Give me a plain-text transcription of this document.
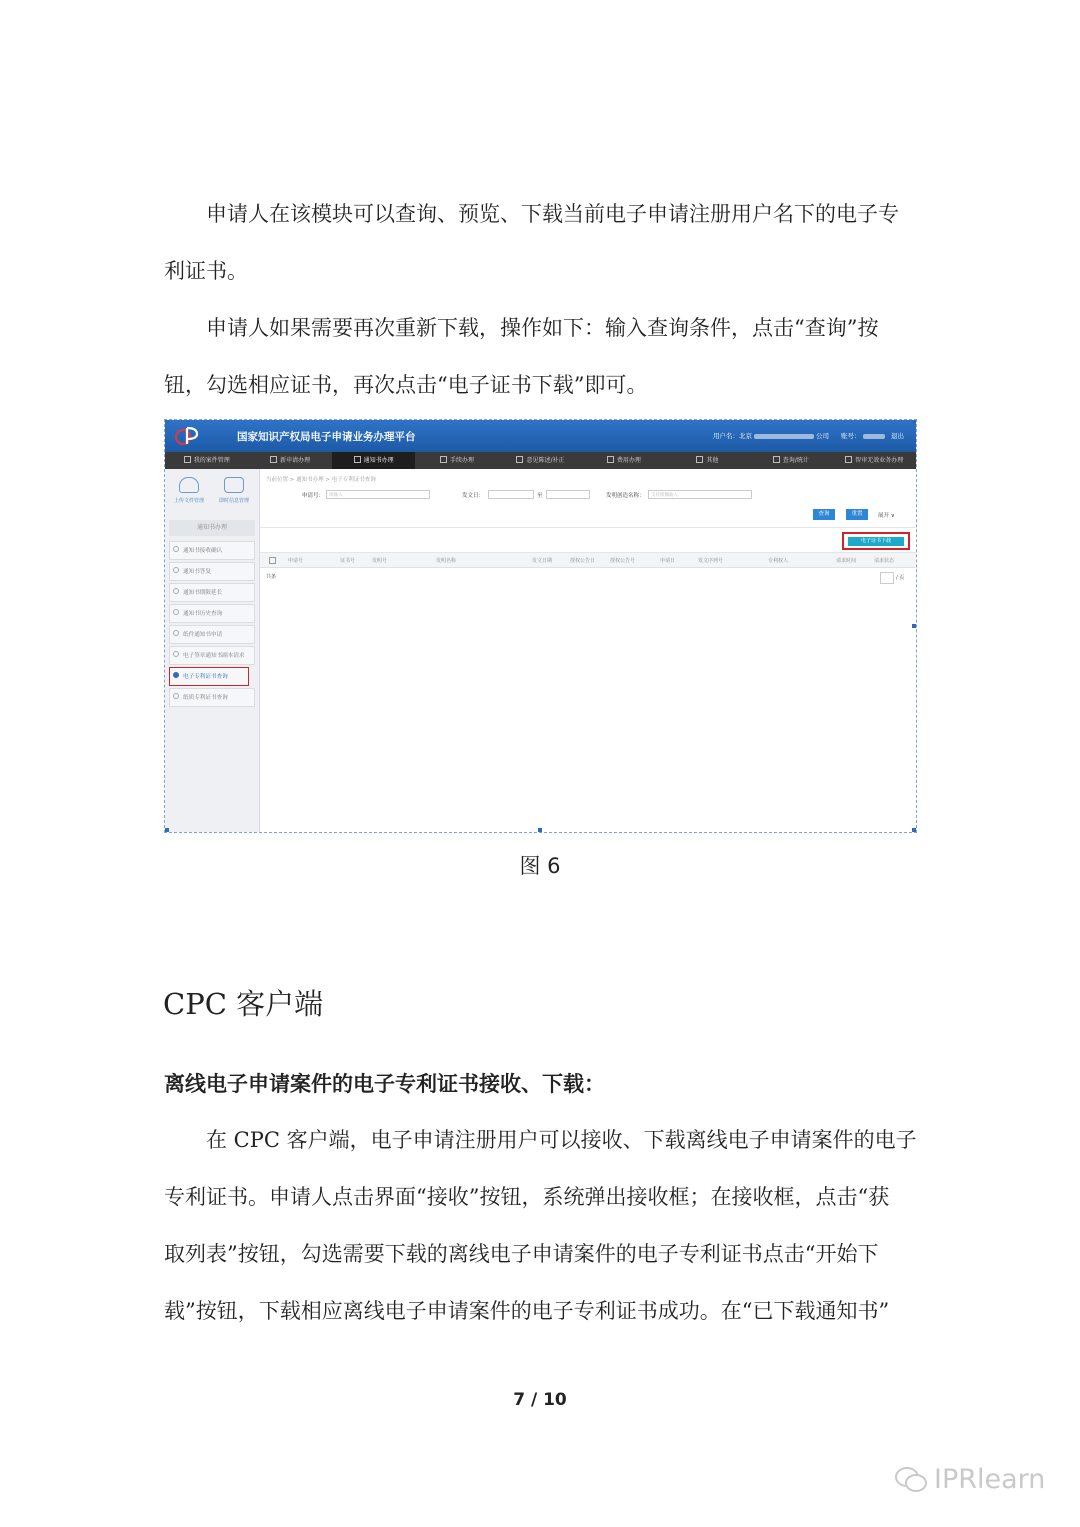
申请人在该模块可以查询、预览、下载当前电子申请注册用户名下的电子专
利证书。
申请人如果需要再次重新下载，操作如下：输入查询条件，点击“查询”按
钮，勾选相应证书，再次点击“电子证书下载”即可。
国家知识产权局电子申请业务办理平台	用户名：北京	公司 账号：	退出
我的案件管理	新申请办理	通知书办理	手续办理	意见陈述/补正	费用办理	其他	查询/统计	智审无效业务办理
上传文件管理	即时信息管理
通知书办理
通知书接收确认
通知书答复
通知书期限延长
通知书历史查询
纸件通知书申请
电子签章通知书副本请求
电子专利证书查询
纸质专利证书查询
当前位置 > 通知书办理 > 电子专利证书查询
申请号：	请输入	发文日：	至	发明创造名称：	支持模糊输入
查询	重置	展开 ∨
电子证书下载
申请号	证书号	发明号	发明名称	发文日期	授权公告日	授权公告号	申请日	发文序列号	专利权人	请求时间	请求状态
共条	/ 页
图 6
CPC 客户端
离线电子申请案件的电子专利证书接收、下载：
在 CPC 客户端，电子申请注册用户可以接收、下载离线电子申请案件的电子
专利证书。申请人点击界面“接收”按钮，系统弹出接收框；在接收框，点击“获
取列表”按钮，勾选需要下载的离线电子申请案件的电子专利证书点击“开始下
载”按钮，下载相应离线电子申请案件的电子专利证书成功。在“已下载通知书”
7 / 10
IPRlearn
